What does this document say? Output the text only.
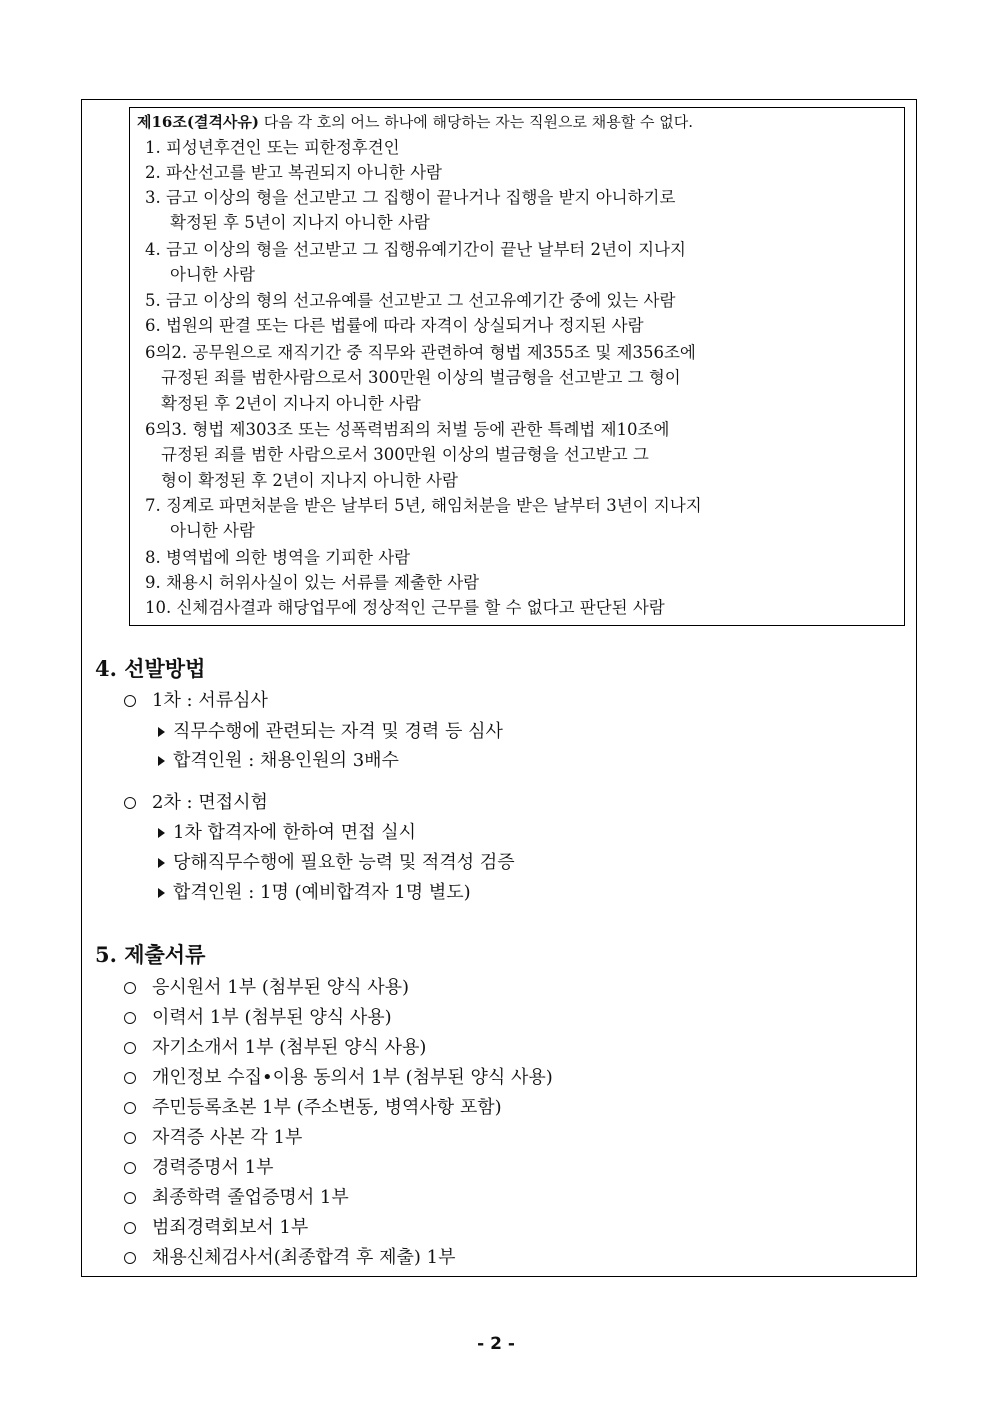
제16조(결격사유) 다음 각 호의 어느 하나에 해당하는 자는 직원으로 채용할 수 없다.
1. 피성년후견인 또는 피한정후견인
2. 파산선고를 받고 복권되지 아니한 사람
3. 금고 이상의 형을 선고받고 그 집행이 끝나거나 집행을 받지 아니하기로
확정된 후 5년이 지나지 아니한 사람
4. 금고 이상의 형을 선고받고 그 집행유예기간이 끝난 날부터 2년이 지나지
아니한 사람
5. 금고 이상의 형의 선고유예를 선고받고 그 선고유예기간 중에 있는 사람
6. 법원의 판결 또는 다른 법률에 따라 자격이 상실되거나 정지된 사람
6의2. 공무원으로 재직기간 중 직무와 관련하여 형법 제355조 및 제356조에
규정된 죄를 범한사람으로서 300만원 이상의 벌금형을 선고받고 그 형이
확정된 후 2년이 지나지 아니한 사람
6의3. 형법 제303조 또는 성폭력범죄의 처벌 등에 관한 특례법 제10조에
규정된 죄를 범한 사람으로서 300만원 이상의 벌금형을 선고받고 그
형이 확정된 후 2년이 지나지 아니한 사람
7. 징계로 파면처분을 받은 날부터 5년, 해임처분을 받은 날부터 3년이 지나지
아니한 사람
8. 병역법에 의한 병역을 기피한 사람
9. 채용시 허위사실이 있는 서류를 제출한 사람
10. 신체검사결과 해당업무에 정상적인 근무를 할 수 없다고 판단된 사람
4. 선발방법
1차 : 서류심사
직무수행에 관련되는 자격 및 경력 등 심사
합격인원 : 채용인원의 3배수
2차 : 면접시험
1차 합격자에 한하여 면접 실시
당해직무수행에 필요한 능력 및 적격성 검증
합격인원 : 1명 (예비합격자 1명 별도)
5. 제출서류
응시원서 1부 (첨부된 양식 사용)
이력서 1부 (첨부된 양식 사용)
자기소개서 1부 (첨부된 양식 사용)
개인정보 수집•이용 동의서 1부 (첨부된 양식 사용)
주민등록초본 1부 (주소변동, 병역사항 포함)
자격증 사본 각 1부
경력증명서 1부
최종학력 졸업증명서 1부
범죄경력회보서 1부
채용신체검사서(최종합격 후 제출) 1부
- 2 -
